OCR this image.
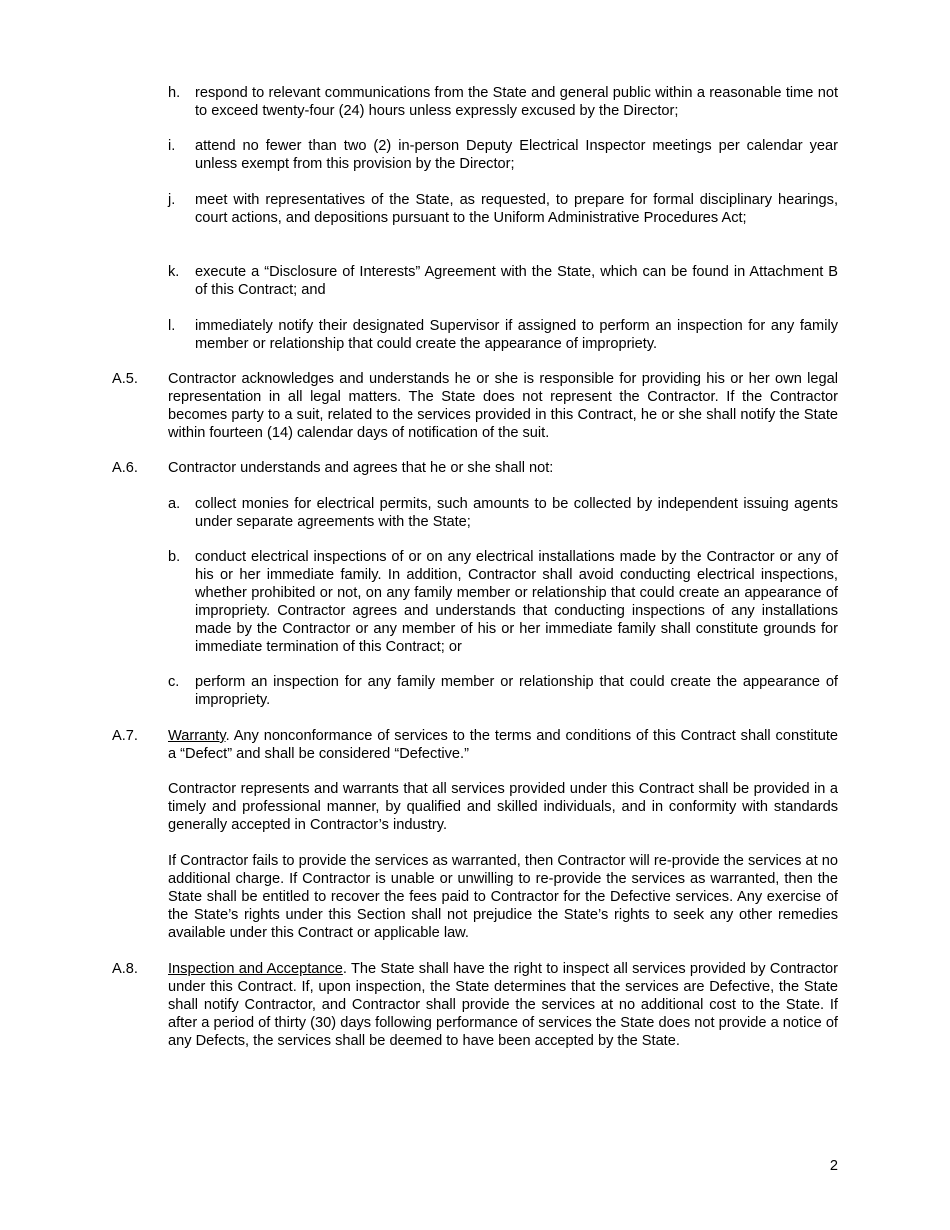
h. respond to relevant communications from the State and general public within a reasonable time not to exceed twenty-four (24) hours unless expressly excused by the Director;
i. attend no fewer than two (2) in-person Deputy Electrical Inspector meetings per calendar year unless exempt from this provision by the Director;
j. meet with representatives of the State, as requested, to prepare for formal disciplinary hearings, court actions, and depositions pursuant to the Uniform Administrative Procedures Act;
k. execute a “Disclosure of Interests” Agreement with the State, which can be found in Attachment B of this Contract; and
l. immediately notify their designated Supervisor if assigned to perform an inspection for any family member or relationship that could create the appearance of impropriety.
A.5. Contractor acknowledges and understands he or she is responsible for providing his or her own legal representation in all legal matters. The State does not represent the Contractor. If the Contractor becomes party to a suit, related to the services provided in this Contract, he or she shall notify the State within fourteen (14) calendar days of notification of the suit.
A.6. Contractor understands and agrees that he or she shall not:
a. collect monies for electrical permits, such amounts to be collected by independent issuing agents under separate agreements with the State;
b. conduct electrical inspections of or on any electrical installations made by the Contractor or any of his or her immediate family. In addition, Contractor shall avoid conducting electrical inspections, whether prohibited or not, on any family member or relationship that could create an appearance of impropriety. Contractor agrees and understands that conducting inspections of any installations made by the Contractor or any member of his or her immediate family shall constitute grounds for immediate termination of this Contract; or
c. perform an inspection for any family member or relationship that could create the appearance of impropriety.
A.7. Warranty. Any nonconformance of services to the terms and conditions of this Contract shall constitute a “Defect” and shall be considered “Defective.”
Contractor represents and warrants that all services provided under this Contract shall be provided in a timely and professional manner, by qualified and skilled individuals, and in conformity with standards generally accepted in Contractor’s industry.
If Contractor fails to provide the services as warranted, then Contractor will re-provide the services at no additional charge. If Contractor is unable or unwilling to re-provide the services as warranted, then the State shall be entitled to recover the fees paid to Contractor for the Defective services. Any exercise of the State’s rights under this Section shall not prejudice the State’s rights to seek any other remedies available under this Contract or applicable law.
A.8. Inspection and Acceptance. The State shall have the right to inspect all services provided by Contractor under this Contract. If, upon inspection, the State determines that the services are Defective, the State shall notify Contractor, and Contractor shall provide the services at no additional cost to the State. If after a period of thirty (30) days following performance of services the State does not provide a notice of any Defects, the services shall be deemed to have been accepted by the State.
2
